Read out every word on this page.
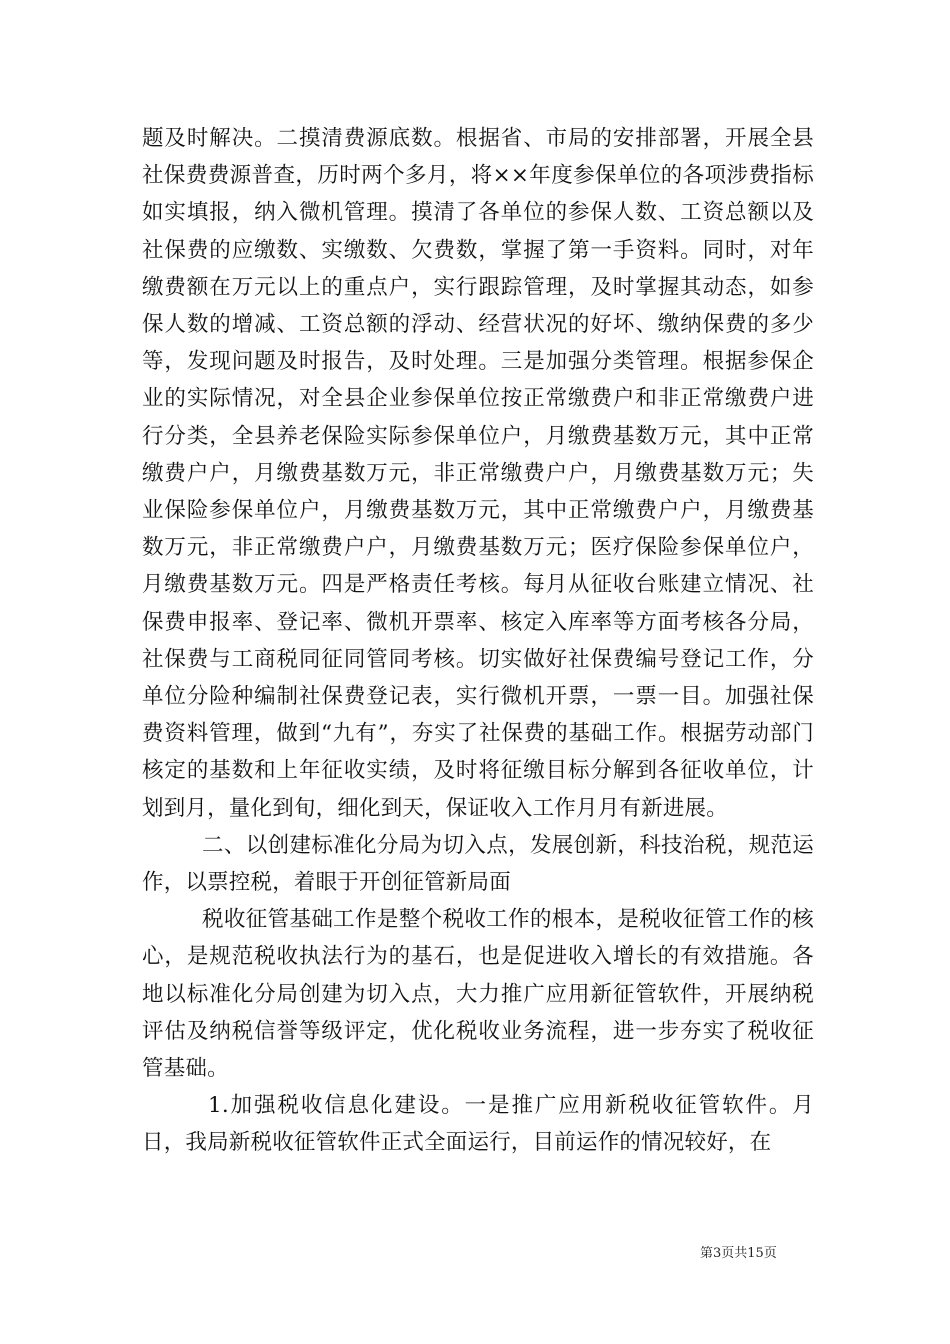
题及时解决。二摸清费源底数。根据省、市局的安排部署，开展全县社保费费源普查，历时两个多月，将××年度参保单位的各项涉费指标如实填报，纳入微机管理。摸清了各单位的参保人数、工资总额以及社保费的应缴数、实缴数、欠费数，掌握了第一手资料。同时，对年缴费额在万元以上的重点户，实行跟踪管理，及时掌握其动态，如参保人数的增减、工资总额的浮动、经营状况的好坏、缴纳保费的多少等，发现问题及时报告，及时处理。三是加强分类管理。根据参保企业的实际情况，对全县企业参保单位按正常缴费户和非正常缴费户进行分类，全县养老保险实际参保单位户，月缴费基数万元，其中正常缴费户户，月缴费基数万元，非正常缴费户户，月缴费基数万元；失业保险参保单位户，月缴费基数万元，其中正常缴费户户，月缴费基数万元，非正常缴费户户，月缴费基数万元；医疗保险参保单位户，月缴费基数万元。四是严格责任考核。每月从征收台账建立情况、社保费申报率、登记率、微机开票率、核定入库率等方面考核各分局，社保费与工商税同征同管同考核。切实做好社保费编号登记工作，分单位分险种编制社保费登记表，实行微机开票，一票一目。加强社保费资料管理，做到“九有”，夯实了社保费的基础工作。根据劳动部门核定的基数和上年征收实绩，及时将征缴目标分解到各征收单位，计划到月，量化到旬，细化到天，保证收入工作月月有新进展。

二、以创建标准化分局为切入点，发展创新，科技治税，规范运作，以票控税，着眼于开创征管新局面

税收征管基础工作是整个税收工作的根本，是税收征管工作的核心，是规范税收执法行为的基石，也是促进收入增长的有效措施。各地以标准化分局创建为切入点，大力推广应用新征管软件，开展纳税评估及纳税信誉等级评定，优化税收业务流程，进一步夯实了税收征管基础。

1.加强税收信息化建设。一是推广应用新税收征管软件。月日，我局新税收征管软件正式全面运行，目前运作的情况较好，在

第3页共15页
